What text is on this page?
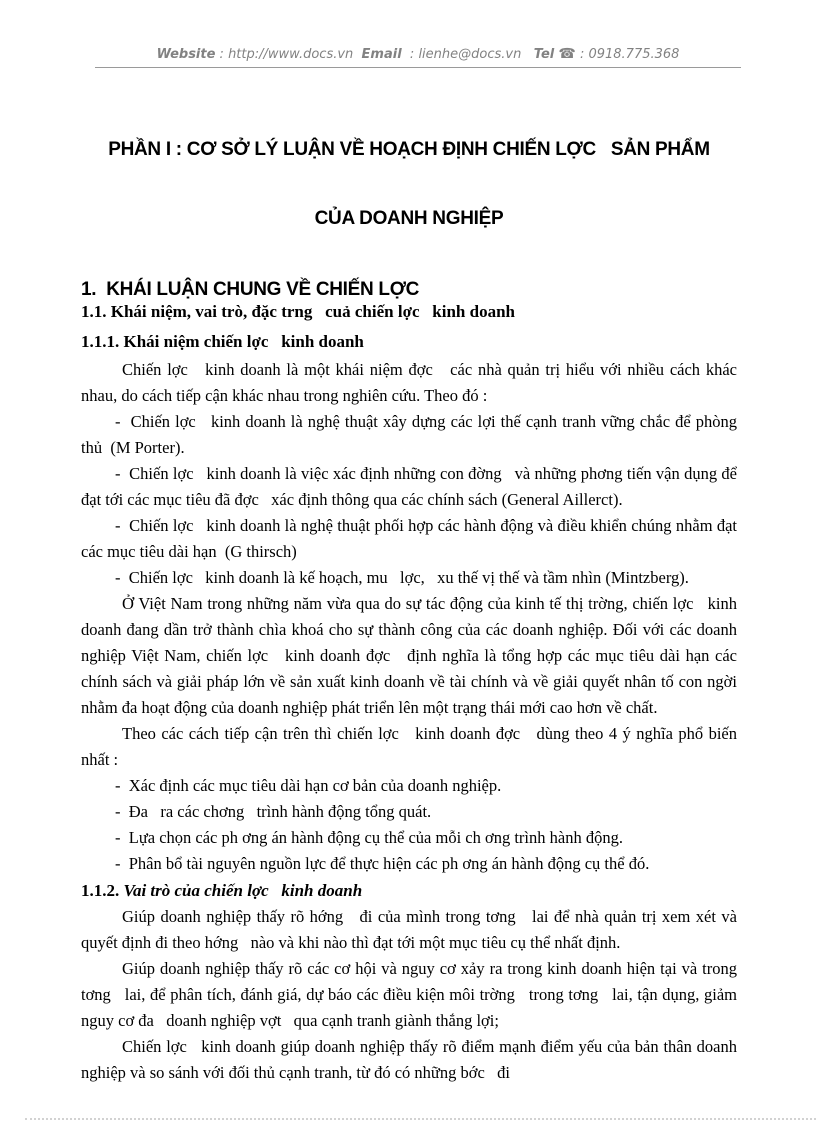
Website : http://www.docs.vn  Email  : lienhe@docs.vn   Tel ☎ : 0918.775.368

PHẦN I : CƠ SỞ LÝ LUẬN VỀ HOẠCH ĐỊNH CHIẾN LỢC   SẢN PHẨM

CỦA DOANH NGHIỆP

1.  KHÁI LUẬN CHUNG VỀ CHIẾN LỢC
1.1. Khái niệm, vai trò, đặc trng   cuả chiến lợc   kinh doanh
1.1.1. Khái niệm chiến lợc   kinh doanh

Chiến lợc   kinh doanh là một khái niệm đợc   các nhà quản trị hiểu với nhiều cách khác nhau, do cách tiếp cận khác nhau trong nghiên cứu. Theo đó :

-  Chiến lợc   kinh doanh là nghệ thuật xây dựng các lợi thế cạnh tranh vững chắc để phòng thủ  (M Porter).

-  Chiến lợc   kinh doanh là việc xác định những con đờng   và những phơng tiến vận dụng để đạt tới các mục tiêu đã đợc   xác định thông qua các chính sách (General Aillerct).

-  Chiến lợc   kinh doanh là nghệ thuật phối hợp các hành động và điều khiển chúng nhằm đạt các mục tiêu dài hạn  (G thirsch)

-  Chiến lợc   kinh doanh là kế hoạch, mu   lợc,   xu thế vị thế và tầm nhìn (Mintzberg).

Ở Việt Nam trong những năm vừa qua do sự tác động của kinh tế thị trờng, chiến lợc   kinh doanh đang dần trở thành chìa khoá cho sự thành công của các doanh nghiệp. Đối với các doanh nghiệp Việt Nam, chiến lợc   kinh doanh đợc   định nghĩa là tổng hợp các mục tiêu dài hạn các chính sách và giải pháp lớn về sản xuất kinh doanh về tài chính và về giải quyết nhân tố con ngời   nhằm đa hoạt động của doanh nghiệp phát triển lên một trạng thái mới cao hơn về chất.

Theo các cách tiếp cận trên thì chiến lợc   kinh doanh đợc   dùng theo 4 ý nghĩa phổ biến nhất :

-  Xác định các mục tiêu dài hạn cơ bản của doanh nghiệp.

-  Đa   ra các chơng   trình hành động tổng quát.

-  Lựa chọn các ph ơng án hành động cụ thể của mỗi ch ơng trình hành động.

-  Phân bổ tài nguyên nguồn lực để thực hiện các ph ơng án hành động cụ thể đó.

1.1.2. Vai trò của chiến lợc   kinh doanh

Giúp doanh nghiệp thấy rõ hớng   đi của mình trong tơng   lai để nhà quản trị xem xét và quyết định đi theo hớng   nào và khi nào thì đạt tới một mục tiêu cụ thể nhất định.

Giúp doanh nghiệp thấy rõ các cơ hội và nguy cơ xảy ra trong kinh doanh hiện tại và trong tơng   lai, để phân tích, đánh giá, dự báo các điều kiện môi trờng   trong tơng   lai, tận dụng, giảm nguy cơ đa   doanh nghiệp vợt   qua cạnh tranh giành thắng lợi;

Chiến lợc   kinh doanh giúp doanh nghiệp thấy rõ điểm mạnh điểm yếu của bản thân doanh nghiệp và so sánh với đối thủ cạnh tranh, từ đó có những bớc   đi
